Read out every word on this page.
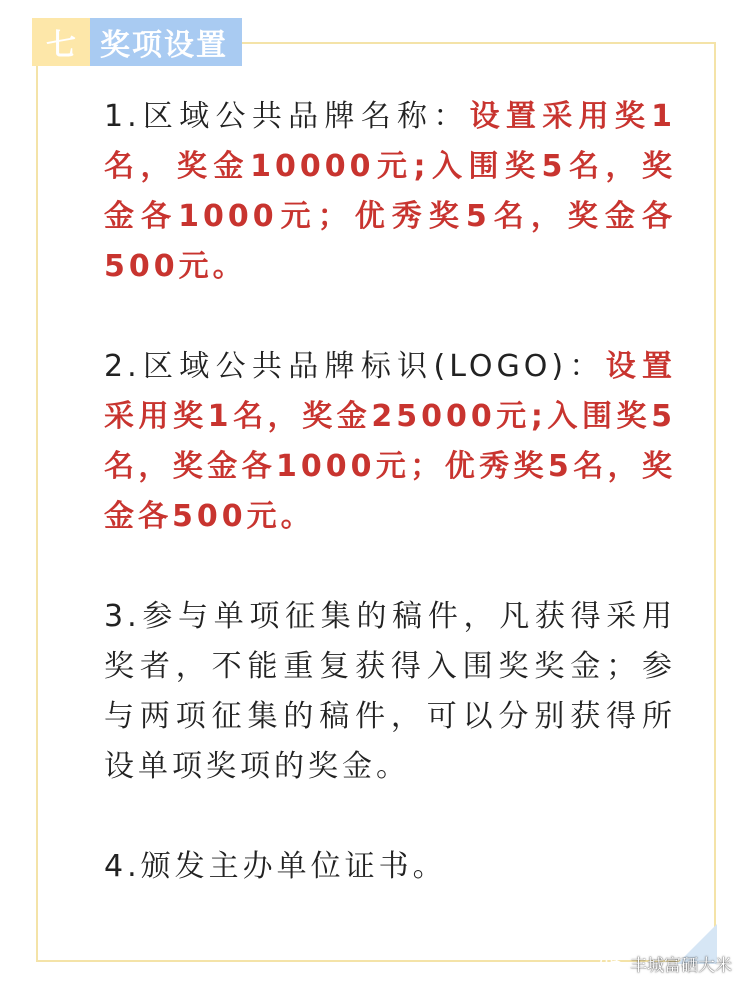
七 奖项设置

1.区域公共品牌名称：设置采用奖1名，奖金10000元;入围奖5名，奖金各1000元；优秀奖5名，奖金各500元。

2.区域公共品牌标识(LOGO)：设置采用奖1名，奖金25000元;入围奖5名，奖金各1000元；优秀奖5名，奖金各500元。

3.参与单项征集的稿件，凡获得采用奖者，不能重复获得入围奖奖金；参与两项征集的稿件，可以分别获得所设单项奖项的奖金。

4.颁发主办单位证书。

丰城富硒大米
